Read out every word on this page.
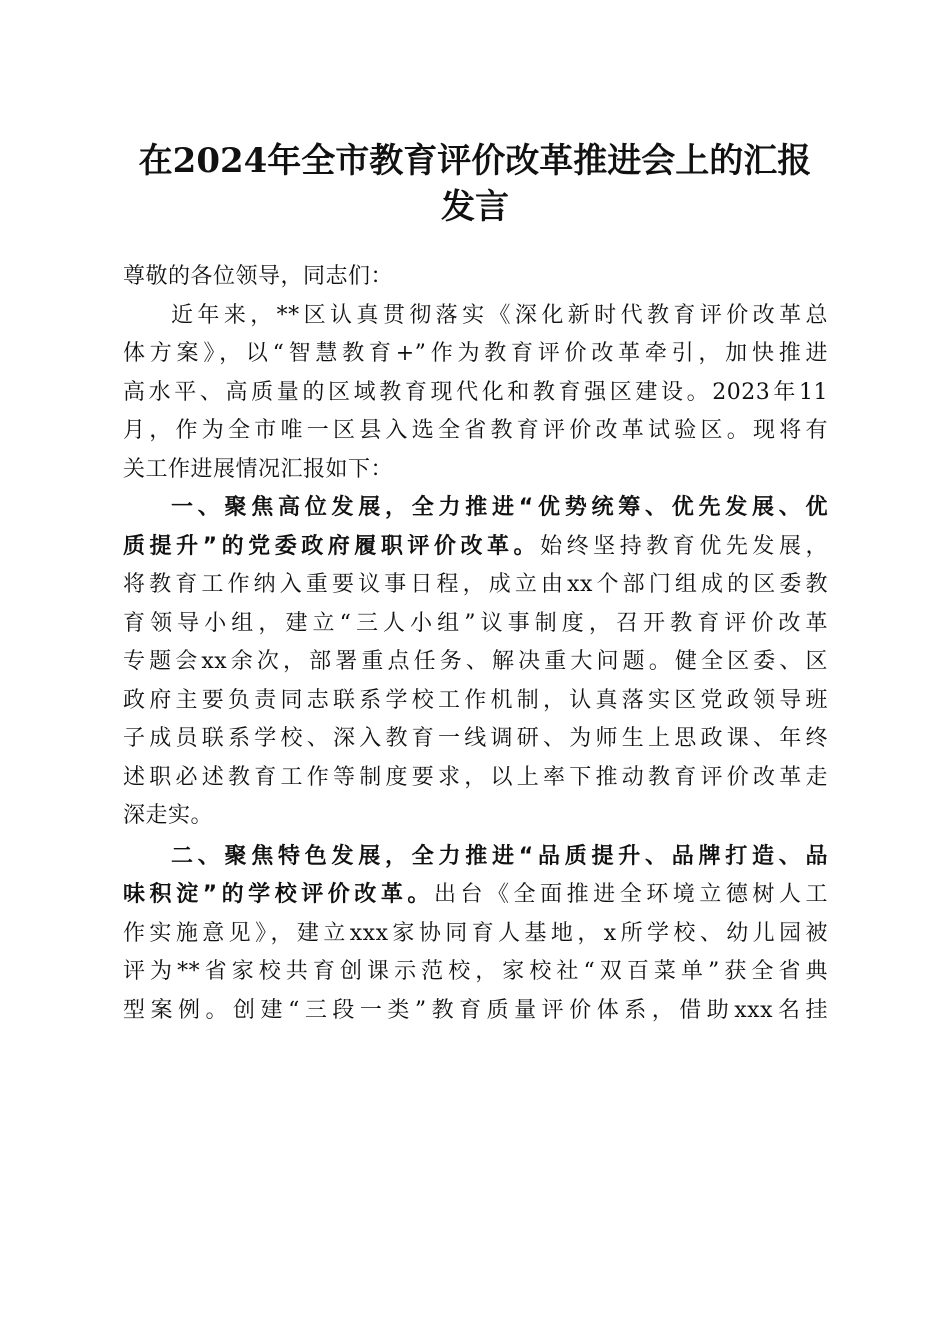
在2024年全市教育评价改革推进会上的汇报
发言
尊敬的各位领导，同志们：
近年来，**区认真贯彻落实《深化新时代教育评价改革总
体方案》，以“智慧教育+”作为教育评价改革牵引，加快推进
高水平、高质量的区域教育现代化和教育强区建设。2023年11
月，作为全市唯一区县入选全省教育评价改革试验区。现将有
关工作进展情况汇报如下：
一、聚焦高位发展，全力推进“优势统筹、优先发展、优
质提升”的党委政府履职评价改革。始终坚持教育优先发展，
将教育工作纳入重要议事日程，成立由xx个部门组成的区委教
育领导小组，建立“三人小组”议事制度，召开教育评价改革
专题会xx余次，部署重点任务、解决重大问题。健全区委、区
政府主要负责同志联系学校工作机制，认真落实区党政领导班
子成员联系学校、深入教育一线调研、为师生上思政课、年终
述职必述教育工作等制度要求，以上率下推动教育评价改革走
深走实。
二、聚焦特色发展，全力推进“品质提升、品牌打造、品
味积淀”的学校评价改革。出台《全面推进全环境立德树人工
作实施意见》，建立xxx家协同育人基地，x所学校、幼儿园被
评为**省家校共育创课示范校，家校社“双百菜单”获全省典
型案例。创建“三段一类”教育质量评价体系，借助xxx名挂
